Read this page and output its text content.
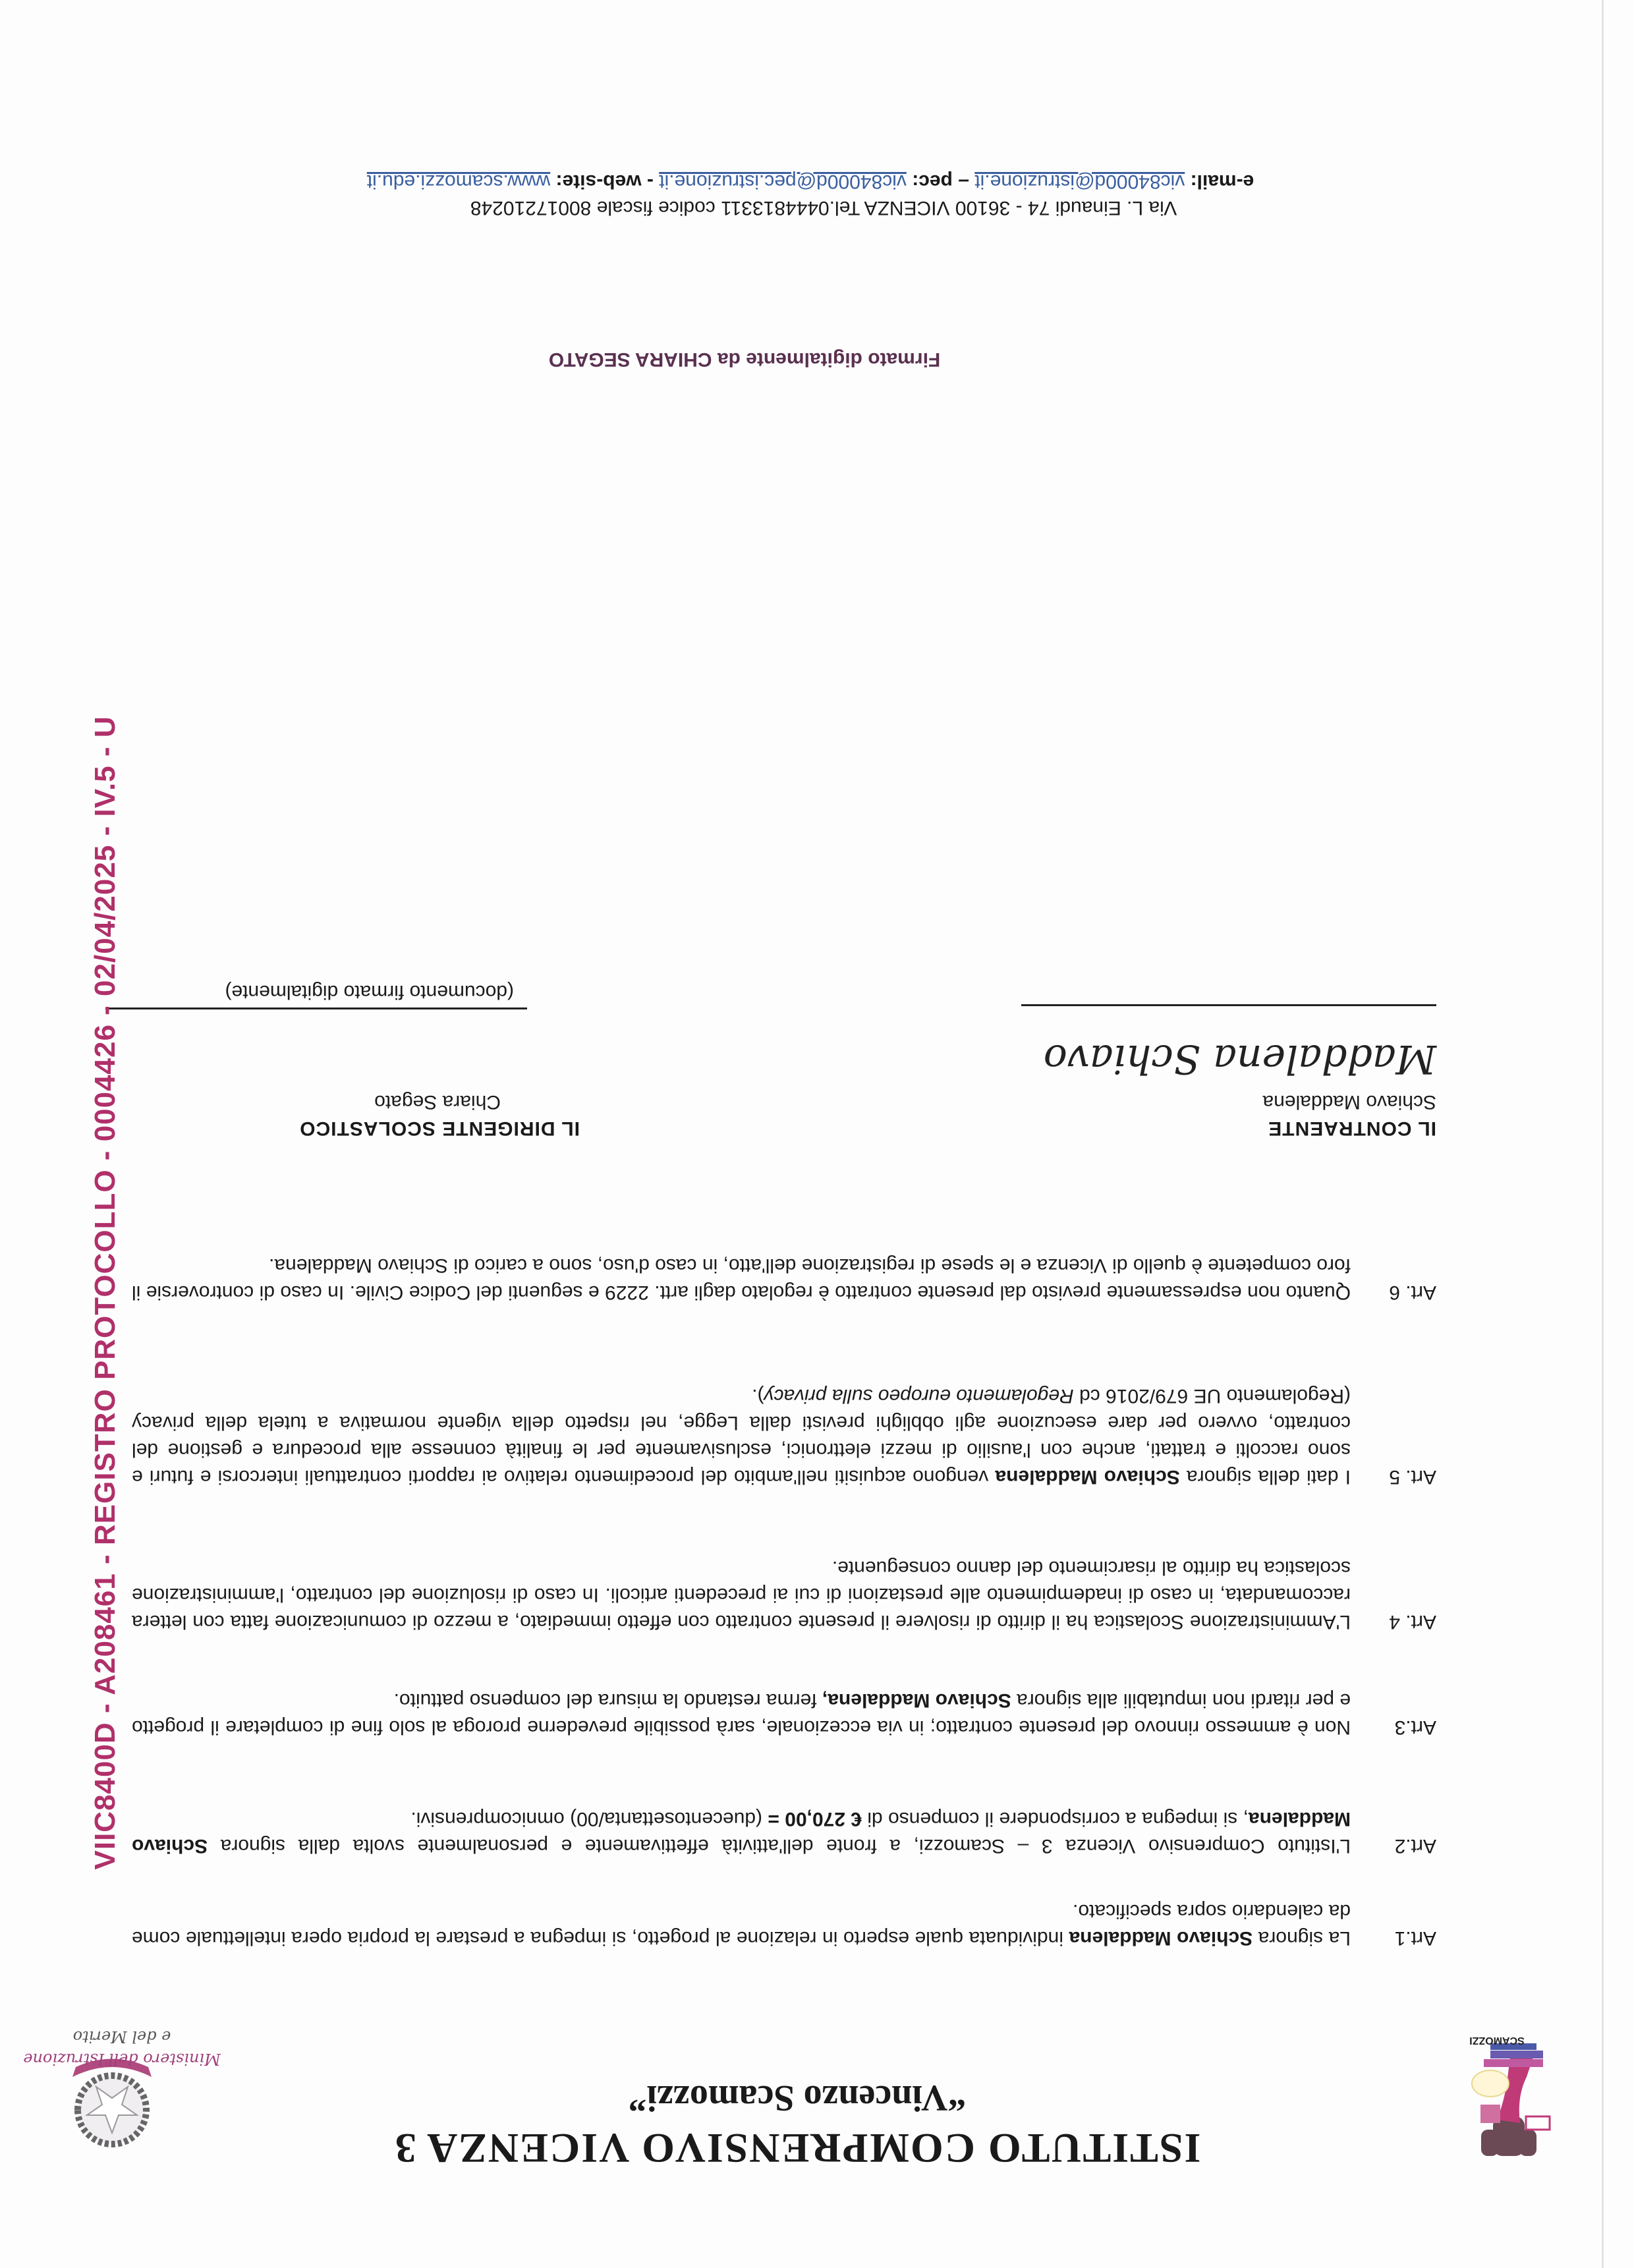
SCAMOZZI
ISTITUTO COMPRENSIVO VICENZA 3
“Vincenzo Scamozzi”
Ministero dell'Istruzione
e del Merito
Art.1
La signora Schiavo Maddalena individuata quale esperto in relazione al progetto, si impegna a prestare la propria opera intellettuale come da calendario sopra specificato.
Art.2
L'Istituto Comprensivo Vicenza 3 – Scamozzi, a fronte dell'attività effettivamente e personalmente svolta dalla signora Schiavo Maddalena, si impegna a corrispondere il compenso di € 270,00 = (duecentosettanta/00) omnicomprensivi.
Art.3
Non è ammesso rinnovo del presente contratto; in via eccezionale, sarà possibile prevederne proroga al solo fine di completare il progetto e per ritardi non imputabili alla signora Schiavo Maddalena, ferma restando la misura del compenso pattuito.
Art. 4
L'Amministrazione Scolastica ha il diritto di risolvere il presente contratto con effetto immediato, a mezzo di comunicazione fatta con lettera raccomandata, in caso di inadempimento alle prestazioni di cui ai precedenti articoli. In caso di risoluzione del contratto, l'amministrazione scolastica ha diritto al risarcimento del danno conseguente.
Art. 5
I dati della signora Schiavo Maddalena vengono acquisiti nell'ambito del procedimento relativo ai rapporti contrattuali intercorsi e futuri e sono raccolti e trattati, anche con l'ausilio di mezzi elettronici, esclusivamente per le finalità connesse alla procedura e gestione del contratto, ovvero per dare esecuzione agli obblighi previsti dalla Legge, nel rispetto della vigente normativa a tutela della privacy (Regolamento UE 679/2016 cd Regolamento europeo sulla privacy).
Art. 6
Quanto non espressamente previsto dal presente contratto è regolato dagli artt. 2229 e seguenti del Codice Civile. In caso di controversie il foro competente è quello di Vicenza e le spese di registrazione dell'atto, in caso d'uso, sono a carico di Schiavo Maddalena.
IL CONTRAENTE
Schiavo Maddalena
Maddalena Schiavo
IL DIRIGENTE SCOLASTICO
Chiara Segato
(documento firmato digitalmente)
Firmato digitalmente da CHIARA SEGATO
Via L. Einaudi 74 - 36100 VICENZA Tel.0444813311 codice fiscale 80017210248
e-mail: vic84000d@istruzione.it – pec: vic84000d@pec.istruzione.it - web-site: www.scamozzi.edu.it
VIIC8400D - A208461 - REGISTRO PROTOCOLLO - 0004426 - 02/04/2025 - IV.5 - U
